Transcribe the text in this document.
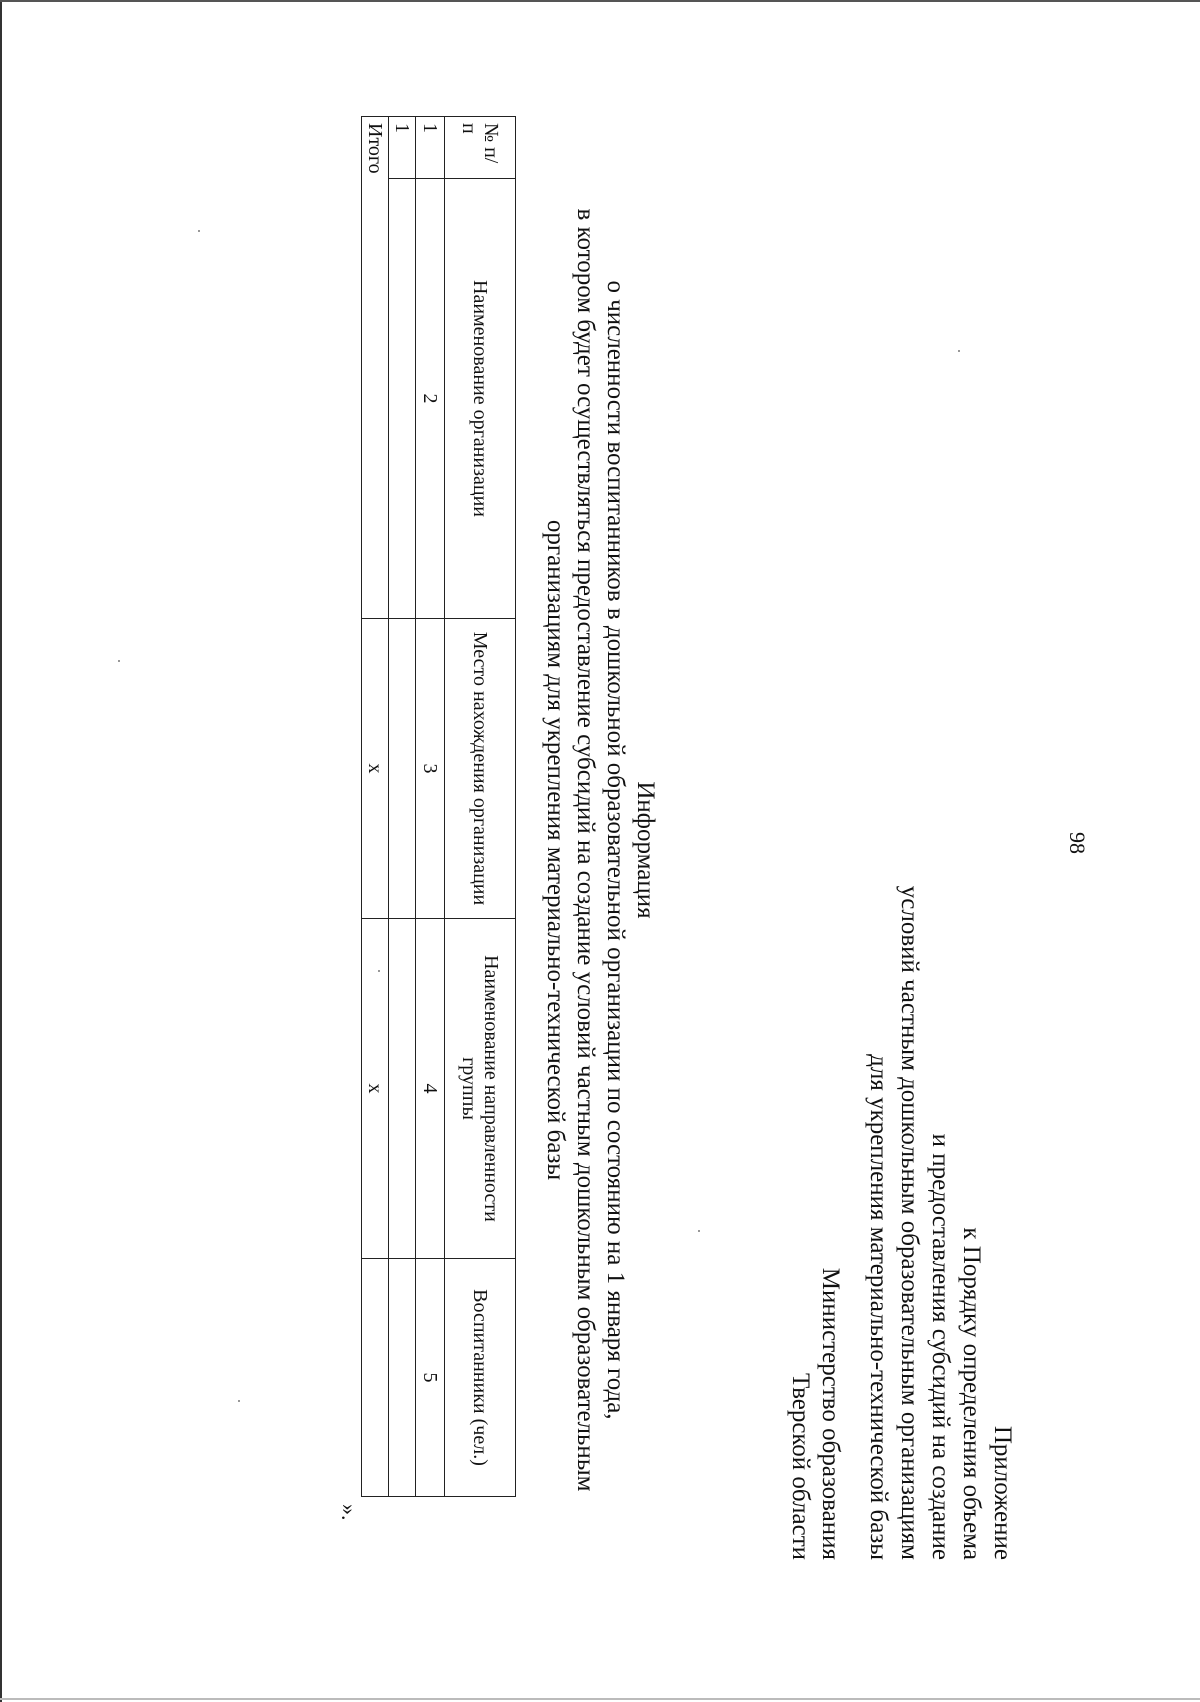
98
Приложение
к Порядку определения объема
и предоставления субсидий на создание
условий частным дошкольным образовательным организациям
для укрепления материально-технической базы
Министерство образования
Тверской области
Информация
о численности воспитанников в дошкольной образовательной организации по состоянию на 1 января года,
в котором будет осуществляться предоставление субсидий на создание условий частным дошкольным образовательным
организациям для укрепления материально-технической базы
№ п/п	Наименование организации	Место нахождения организации	Наименование направленности группы	Воспитанники (чел.)
1	2	3	4	5
1				
Итого		х	х	
».
